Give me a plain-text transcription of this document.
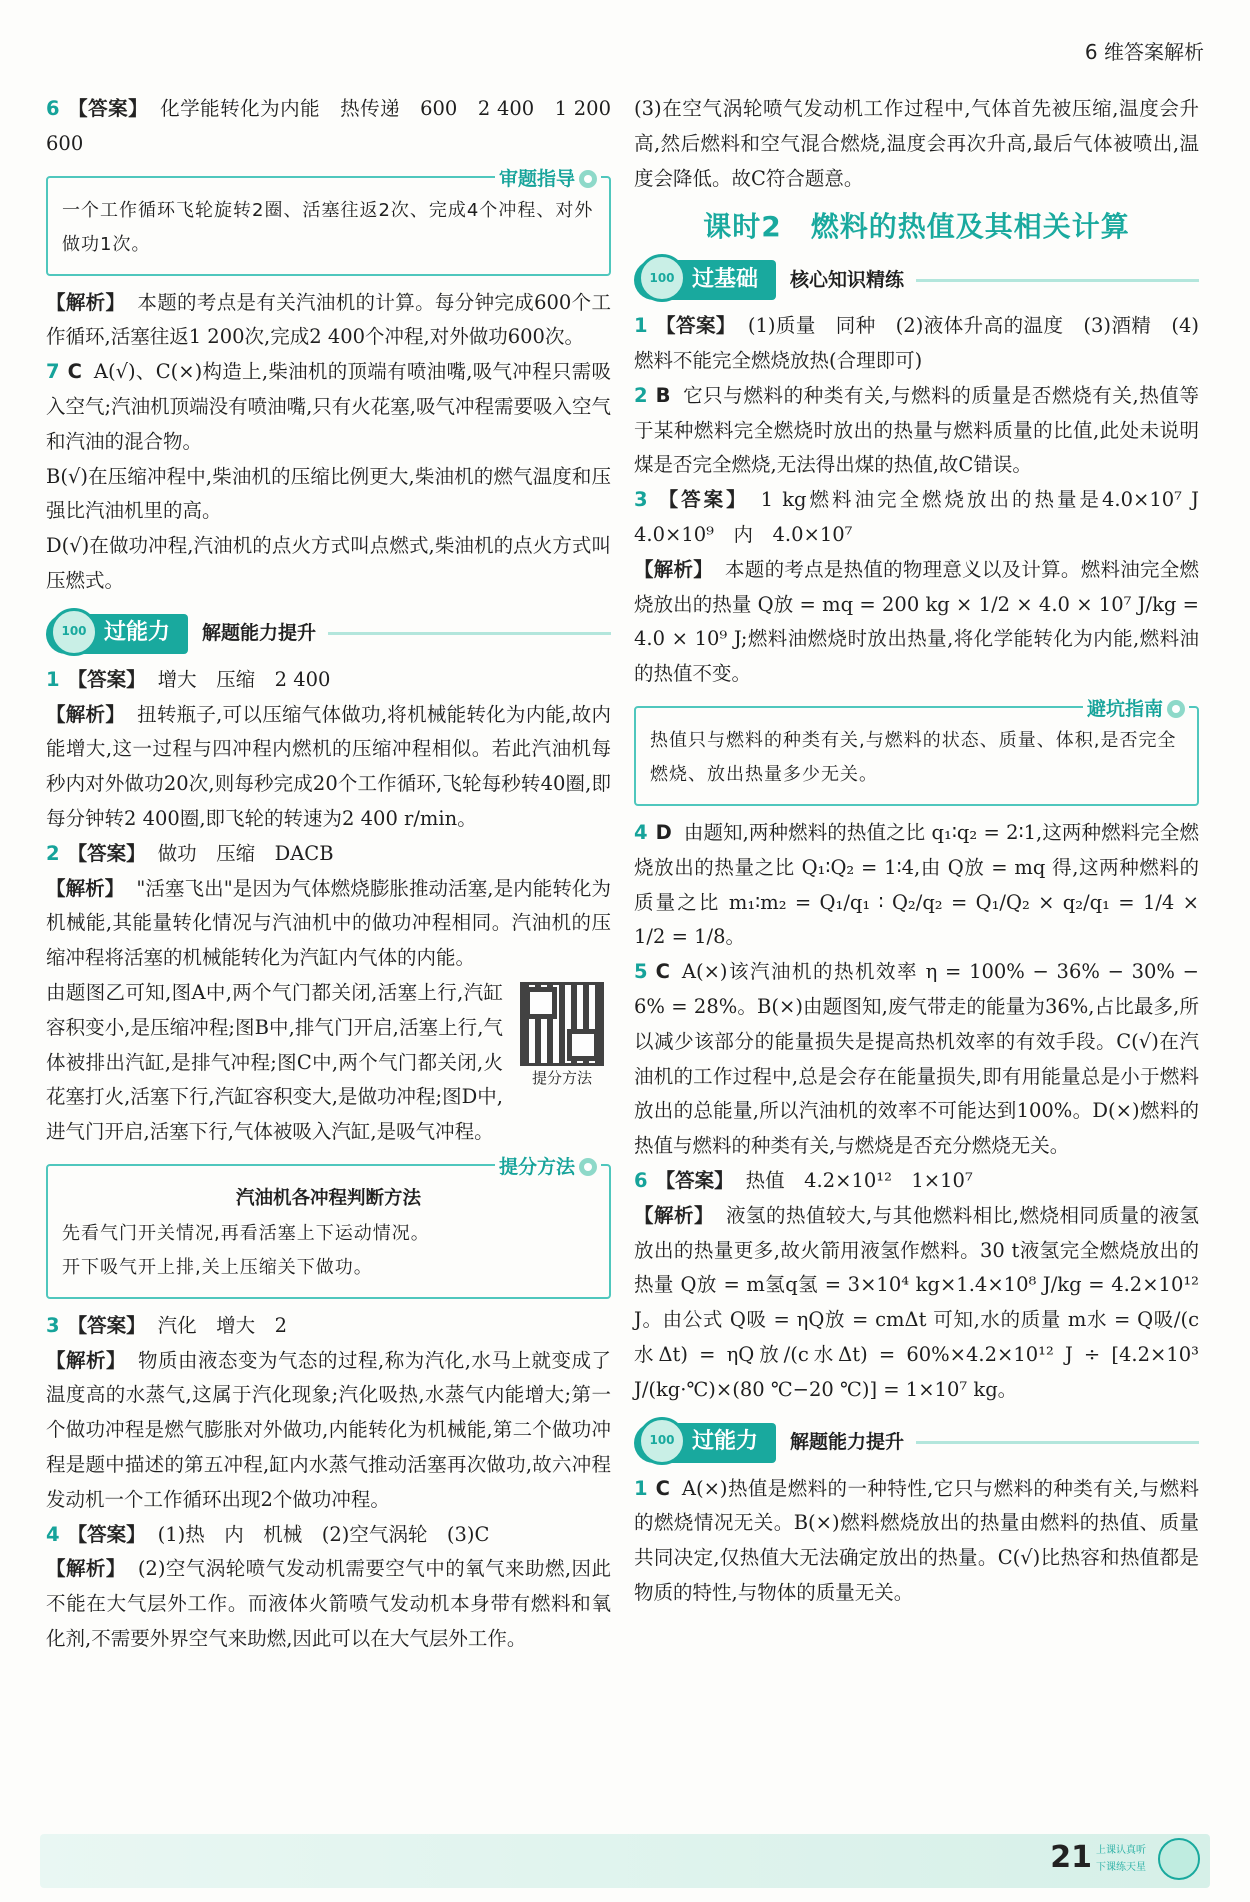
6 维答案解析
6 【答案】 化学能转化为内能　热传递　600　2 400　1 200　600
审题指导
一个工作循环飞轮旋转2圈、活塞往返2次、完成4个冲程、对外做功1次。
【解析】 本题的考点是有关汽油机的计算。每分钟完成600个工作循环,活塞往返1 200次,完成2 400个冲程,对外做功600次。
7 C A(√)、C(×)构造上,柴油机的顶端有喷油嘴,吸气冲程只需吸入空气;汽油机顶端没有喷油嘴,只有火花塞,吸气冲程需要吸入空气和汽油的混合物。
B(√)在压缩冲程中,柴油机的压缩比例更大,柴油机的燃气温度和压强比汽油机里的高。
D(√)在做功冲程,汽油机的点火方式叫点燃式,柴油机的点火方式叫压燃式。
100 过能力 解题能力提升
1 【答案】 增大　压缩　2 400
【解析】 扭转瓶子,可以压缩气体做功,将机械能转化为内能,故内能增大,这一过程与四冲程内燃机的压缩冲程相似。若此汽油机每秒内对外做功20次,则每秒完成20个工作循环,飞轮每秒转40圈,即每分钟转2 400圈,即飞轮的转速为2 400 r/min。
2 【答案】 做功　压缩　DACB
【解析】 "活塞飞出"是因为气体燃烧膨胀推动活塞,是内能转化为机械能,其能量转化情况与汽油机中的做功冲程相同。汽油机的压缩冲程将活塞的机械能转化为汽缸内气体的内能。
提分方法
由题图乙可知,图A中,两个气门都关闭,活塞上行,汽缸容积变小,是压缩冲程;图B中,排气门开启,活塞上行,气体被排出汽缸,是排气冲程;图C中,两个气门都关闭,火花塞打火,活塞下行,汽缸容积变大,是做功冲程;图D中,进气门开启,活塞下行,气体被吸入汽缸,是吸气冲程。
提分方法
汽油机各冲程判断方法
先看气门开关情况,再看活塞上下运动情况。
开下吸气开上排,关上压缩关下做功。
3 【答案】 汽化　增大　2
【解析】 物质由液态变为气态的过程,称为汽化,水马上就变成了温度高的水蒸气,这属于汽化现象;汽化吸热,水蒸气内能增大;第一个做功冲程是燃气膨胀对外做功,内能转化为机械能,第二个做功冲程是题中描述的第五冲程,缸内水蒸气推动活塞再次做功,故六冲程发动机一个工作循环出现2个做功冲程。
4 【答案】 (1)热　内　机械　(2)空气涡轮　(3)C
【解析】 (2)空气涡轮喷气发动机需要空气中的氧气来助燃,因此不能在大气层外工作。而液体火箭喷气发动机本身带有燃料和氧化剂,不需要外界空气来助燃,因此可以在大气层外工作。
(3)在空气涡轮喷气发动机工作过程中,气体首先被压缩,温度会升高,然后燃料和空气混合燃烧,温度会再次升高,最后气体被喷出,温度会降低。故C符合题意。
课时2　燃料的热值及其相关计算
100 过基础 核心知识精练
1 【答案】 (1)质量　同种　(2)液体升高的温度　(3)酒精　(4)燃料不能完全燃烧放热(合理即可)
2 B 它只与燃料的种类有关,与燃料的质量是否燃烧有关,热值等于某种燃料完全燃烧时放出的热量与燃料质量的比值,此处未说明煤是否完全燃烧,无法得出煤的热值,故C错误。
3 【答案】 1 kg燃料油完全燃烧放出的热量是4.0×10⁷ J　4.0×10⁹　内　4.0×10⁷
【解析】 本题的考点是热值的物理意义以及计算。燃料油完全燃烧放出的热量 Q放 = mq = 200 kg × 1/2 × 4.0 × 10⁷ J/kg = 4.0 × 10⁹ J;燃料油燃烧时放出热量,将化学能转化为内能,燃料油的热值不变。
避坑指南
热值只与燃料的种类有关,与燃料的状态、质量、体积,是否完全燃烧、放出热量多少无关。
4 D 由题知,两种燃料的热值之比 q₁∶q₂ = 2∶1,这两种燃料完全燃烧放出的热量之比 Q₁∶Q₂ = 1∶4,由 Q放 = mq 得,这两种燃料的质量之比 m₁∶m₂ = Q₁/q₁ ∶ Q₂/q₂ = Q₁/Q₂ × q₂/q₁ = 1/4 × 1/2 = 1/8。
5 C A(×)该汽油机的热机效率 η = 100% − 36% − 30% − 6% = 28%。B(×)由题图知,废气带走的能量为36%,占比最多,所以减少该部分的能量损失是提高热机效率的有效手段。C(√)在汽油机的工作过程中,总是会存在能量损失,即有用能量总是小于燃料放出的总能量,所以汽油机的效率不可能达到100%。D(×)燃料的热值与燃料的种类有关,与燃烧是否充分燃烧无关。
6 【答案】 热值　4.2×10¹²　1×10⁷
【解析】 液氢的热值较大,与其他燃料相比,燃烧相同质量的液氢放出的热量更多,故火箭用液氢作燃料。30 t液氢完全燃烧放出的热量 Q放 = m氢q氢 = 3×10⁴ kg×1.4×10⁸ J/kg = 4.2×10¹² J。由公式 Q吸 = ηQ放 = cmΔt 可知,水的质量 m水 = Q吸/(c水Δt) = ηQ放/(c水Δt) = 60%×4.2×10¹² J ÷ [4.2×10³ J/(kg·℃)×(80 ℃−20 ℃)] = 1×10⁷ kg。
100 过能力 解题能力提升
1 C A(×)热值是燃料的一种特性,它只与燃料的种类有关,与燃料的燃烧情况无关。B(×)燃料燃烧放出的热量由燃料的热值、质量共同决定,仅热值大无法确定放出的热量。C(√)比热容和热值都是物质的特性,与物体的质量无关。
21 上课认真听 下课练天星
